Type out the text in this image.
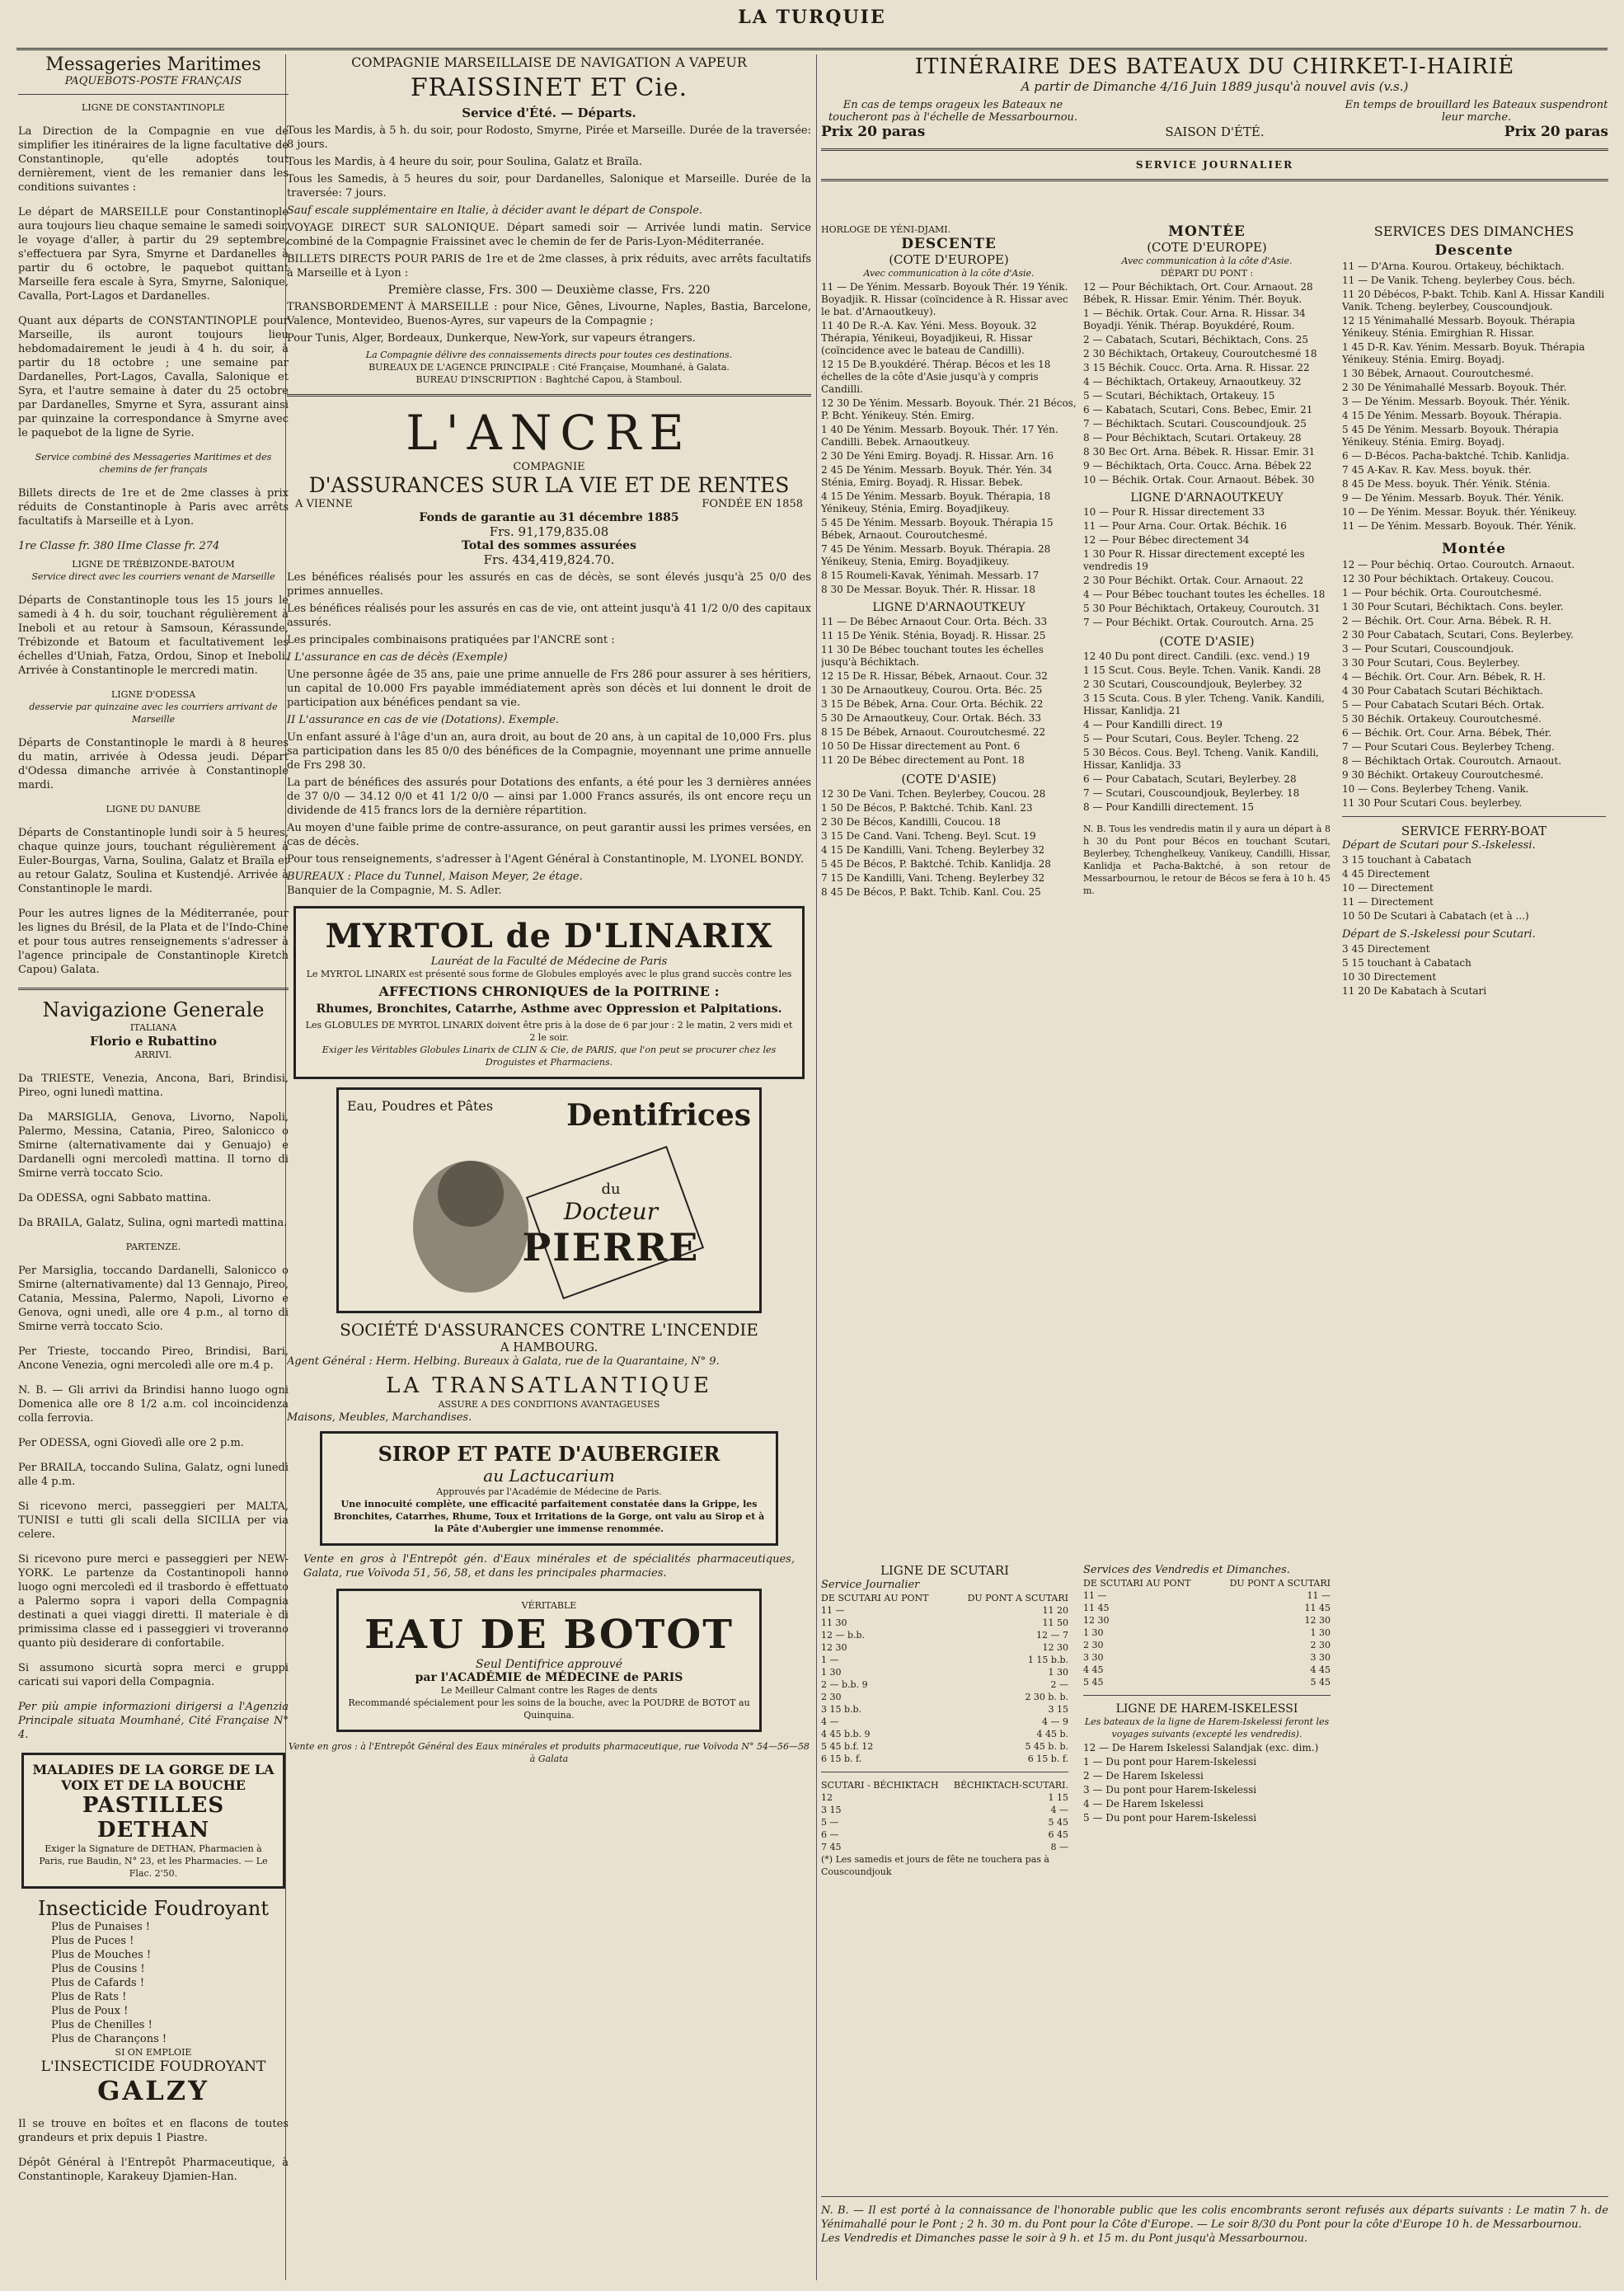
LA TURQUIE
Messageries Maritimes
PAQUEBOTS-POSTE FRANÇAIS
LIGNE DE CONSTANTINOPLE

La Direction de la Compagnie en vue de simplifier les itinéraires de la ligne facultative de Constantinople, qu'elle adoptés tout dernièrement, vient de les remanier dans les conditions suivantes :

Le départ de MARSEILLE pour Constantinople aura toujours lieu chaque semaine le samedi soir, le voyage d'aller, à partir du 29 septembre, s'effectuera par Syra, Smyrne et Dardanelles à partir du 6 octobre, le paquebot quittant Marseille fera escale à Syra, Smyrne, Salonique, Cavalla, Port-Lagos et Dardanelles.

Quant aux départs de CONSTANTINOPLE pour Marseille, ils auront toujours lieu hebdomadairement le jeudi à 4 h. du soir, à partir du 18 octobre ; une semaine par Dardanelles, Port-Lagos, Cavalla, Salonique et Syra, et l'autre semaine à dater du 25 octobre par Dardanelles, Smyrne et Syra, assurant ainsi par quinzaine la correspondance à Smyrne avec le paquebot de la ligne de Syrie.

Service combiné des Messageries Maritimes et des chemins de fer français

Billets directs de 1re et de 2me classes à prix réduits de Constantinople à Paris avec arrêts facultatifs à Marseille et à Lyon.

1re Classe fr. 380 IIme Classe fr. 274
LIGNE DE TRÉBIZONDE-BATOUM
Service direct avec les courriers venant de Marseille

Départs de Constantinople tous les 15 jours le samedi à 4 h. du soir, touchant régulièrement à Ineboli et au retour à Samsoun, Kérassunde, Trébizonde et Batoum et facultativement les échelles d'Uniah, Fatza, Ordou, Sinop et Ineboli. Arrivée à Constantinople le mercredi matin.

LIGNE D'ODESSA
desservie par quinzaine avec les courriers arrivant de Marseille

Départs de Constantinople le mardi à 8 heures du matin, arrivée à Odessa jeudi. Départ d'Odessa dimanche arrivée à Constantinople mardi.

LIGNE DU DANUBE

Départs de Constantinople lundi soir à 5 heures, chaque quinze jours, touchant régulièrement à Euler-Bourgas, Varna, Soulina, Galatz et Braïla et au retour Galatz, Soulina et Kustendjé. Arrivée à Constantinople le mardi.

Pour les autres lignes de la Méditerranée, pour les lignes du Brésil, de la Plata et de l'Indo-Chine et pour tous autres renseignements s'adresser à l'agence principale de Constantinople Kiretch Capou) Galata.

Navigazione Generale
ITALIANA
Florio e Rubattino
ARRIVI.

Da TRIESTE, Venezia, Ancona, Bari, Brindisi, Pireo, ogni lunedì mattina.

Da MARSIGLIA, Genova, Livorno, Napoli, Palermo, Messina, Catania, Pireo, Salonicco o Smirne (alternativamente dai y Genuajo) e Dardanelli ogni mercoledì mattina. Il torno di Smirne verrà toccato Scio.

Da ODESSA, ogni Sabbato mattina.

Da BRAILA, Galatz, Sulina, ogni martedì mattina.

PARTENZE.

Per Marsiglia, toccando Dardanelli, Salonicco o Smirne (alternativamente) dal 13 Gennajo, Pireo, Catania, Messina, Palermo, Napoli, Livorno e Genova, ogni unedì, alle ore 4 p.m., al torno di Smirne verrà toccato Scio.

Per Trieste, toccando Pireo, Brindisi, Bari, Ancone Venezia, ogni mercoledì alle ore m.4 p.

N. B. — Gli arrivi da Brindisi hanno luogo ogni Domenica alle ore 8 1/2 a.m. col incoincidenza colla ferrovia.

Per ODESSA, ogni Giovedì alle ore 2 p.m.

Per BRAILA, toccando Sulina, Galatz, ogni lunedì alle 4 p.m.

Si ricevono merci, passeggieri per MALTA, TUNISI e tutti gli scali della SICILIA per via celere.

Si ricevono pure merci e passeggieri per NEW-YORK. Le partenze da Costantinopoli hanno luogo ogni mercoledì ed il trasbordo è effettuato a Palermo sopra i vapori della Compagnia destinati a quei viaggi diretti. Il materiale è di primissima classe ed i passeggieri vi troveranno quanto più desiderare di confortabile.

Si assumono sicurtà sopra merci e gruppi caricati sui vapori della Compagnia.

Per più ampie informazioni dirigersi a l'Agenzia Principale situata Moumhané, Cité Française N° 4.

MALADIES DE LA GORGE DE LA VOIX ET DE LA BOUCHE
PASTILLES DETHAN
Exiger la Signature de DETHAN, Pharmacien à Paris, rue Baudin, N° 23, et les Pharmacies. — Le Flac. 2'50.
Insecticide Foudroyant
Plus de Punaises !
Plus de Puces !
Plus de Mouches !
Plus de Cousins !
Plus de Cafards !
Plus de Rats !
Plus de Poux !
Plus de Chenilles !
Plus de Charançons !
SI ON EMPLOIE
L'INSECTICIDE FOUDROYANT
GALZY

Il se trouve en boîtes et en flacons de toutes grandeurs et prix depuis 1 Piastre.

Dépôt Général à l'Entrepôt Pharmaceutique, à Constantinople, Karakeuy Djamien-Han.

COMPAGNIE MARSEILLAISE DE NAVIGATION A VAPEUR
FRAISSINET ET Cie.
Service d'Été. — Départs.

Tous les Mardis, à 5 h. du soir, pour Rodosto, Smyrne, Pirée et Marseille. Durée de la traversée: 8 jours.

Tous les Mardis, à 4 heure du soir, pour Soulina, Galatz et Braïla.

Tous les Samedis, à 5 heures du soir, pour Dardanelles, Salonique et Marseille. Durée de la traversée: 7 jours.

Sauf escale supplémentaire en Italie, à décider avant le départ de Conspole.

VOYAGE DIRECT SUR SALONIQUE. Départ samedi soir — Arrivée lundi matin. Service combiné de la Compagnie Fraissinet avec le chemin de fer de Paris-Lyon-Méditerranée.

BILLETS DIRECTS POUR PARIS de 1re et de 2me classes, à prix réduits, avec arrêts facultatifs à Marseille et à Lyon :

Première classe, Frs. 300 — Deuxième classe, Frs. 220

TRANSBORDEMENT À MARSEILLE : pour Nice, Gênes, Livourne, Naples, Bastia, Barcelone, Valence, Montevideo, Buenos-Ayres, sur vapeurs de la Compagnie ;

Pour Tunis, Alger, Bordeaux, Dunkerque, New-York, sur vapeurs étrangers.

La Compagnie délivre des connaissements directs pour toutes ces destinations.
BUREAUX DE L'AGENCE PRINCIPALE : Cité Française, Moumhané, à Galata.
BUREAU D'INSCRIPTION : Baghtché Capou, à Stamboul.
L'ANCRE
COMPAGNIE
D'ASSURANCES SUR LA VIE ET DE RENTES
A VIENNE	FONDÉE EN 1858
Fonds de garantie au 31 décembre 1885
Frs. 91,179,835.08
Total des sommes assurées
Frs. 434,419,824.70.

Les bénéfices réalisés pour les assurés en cas de décès, se sont élevés jusqu'à 25 0/0 des primes annuelles.

Les bénéfices réalisés pour les assurés en cas de vie, ont atteint jusqu'à 41 1/2 0/0 des capitaux assurés.

Les principales combinaisons pratiquées par l'ANCRE sont :

I L'assurance en cas de décès (Exemple)

Une personne âgée de 35 ans, paie une prime annuelle de Frs 286 pour assurer à ses héritiers, un capital de 10.000 Frs payable immédiatement après son décès et lui donnent le droit de participation aux bénéfices pendant sa vie.

II L'assurance en cas de vie (Dotations). Exemple.

Un enfant assuré à l'âge d'un an, aura droit, au bout de 20 ans, à un capital de 10,000 Frs. plus sa participation dans les 85 0/0 des bénéfices de la Compagnie, moyennant une prime annuelle de Frs 298 30.

La part de bénéfices des assurés pour Dotations des enfants, a été pour les 3 dernières années de 37 0/0 — 34.12 0/0 et 41 1/2 0/0 — ainsi par 1.000 Francs assurés, ils ont encore reçu un dividende de 415 francs lors de la dernière répartition.

Au moyen d'une faible prime de contre-assurance, on peut garantir aussi les primes versées, en cas de décès.

Pour tous renseignements, s'adresser à l'Agent Général à Constantinople, M. LYONEL BONDY.

BUREAUX : Place du Tunnel, Maison Meyer, 2e étage.
Banquier de la Compagnie, M. S. Adler.
MYRTOL de D'LINARIX
Lauréat de la Faculté de Médecine de Paris
Le MYRTOL LINARIX est présenté sous forme de Globules employés avec le plus grand succès contre les
AFFECTIONS CHRONIQUES de la POITRINE :
Rhumes, Bronchites, Catarrhe, Asthme avec Oppression et Palpitations.
Les GLOBULES DE MYRTOL LINARIX doivent être pris à la dose de 6 par jour : 2 le matin, 2 vers midi et 2 le soir.
Exiger les Véritables Globules Linarix de CLIN & Cie, de PARIS, que l'on peut se procurer chez les Droguistes et Pharmaciens.
Eau, Poudres et Pâtes Dentifrices
du
Docteur
PIERRE
SOCIÉTÉ D'ASSURANCES CONTRE L'INCENDIE
A HAMBOURG.
Agent Général : Herm. Helbing. Bureaux à Galata, rue de la Quarantaine, N° 9.
LA TRANSATLANTIQUE
ASSURE A DES CONDITIONS AVANTAGEUSES
Maisons, Meubles, Marchandises.
SIROP ET PATE D'AUBERGIER
au Lactucarium
Approuvés par l'Académie de Médecine de Paris.
Une innocuité complète, une efficacité parfaitement constatée dans la Grippe, les Bronchites, Catarrhes, Rhume, Toux et Irritations de la Gorge, ont valu au Sirop et à la Pâte d'Aubergier une immense renommée.
Vente en gros à l'Entrepôt gén. d'Eaux minérales et de spécialités pharmaceutiques, Galata, rue Voïvoda 51, 56, 58, et dans les principales pharmacies.
VÉRITABLE
EAU DE BOTOT
Seul Dentifrice approuvé
par l'ACADÉMIE de MÉDECINE de PARIS
Le Meilleur Calmant contre les Rages de dents
Recommandé spécialement pour les soins de la bouche, avec la POUDRE de BOTOT au Quinquina.
Vente en gros : à l'Entrepôt Général des Eaux minérales et produits pharmaceutique, rue Voïvoda N° 54—56—58 à Galata
ITINÉRAIRE DES BATEAUX DU CHIRKET-I-HAIRIÉ
A partir de Dimanche 4/16 Juin 1889 jusqu'à nouvel avis (v.s.)
En cas de temps orageux les Bateaux ne toucheront pas à l'échelle de Messarbournou.
En temps de brouillard les Bateaux suspendront leur marche.
Prix 20 paras	SAISON D'ÉTÉ.	Prix 20 paras
SERVICE JOURNALIER
HORLOGE DE YÉNI-DJAMI.
DESCENTE
(COTE D'EUROPE)
Avec communication à la côte d'Asie.
11 — De Yénim. Messarb. Boyouk Thér. 19 Yénik. Boyadjik. R. Hissar (coïncidence à R. Hissar avec le bat. d'Arnaoutkeuy).
11 40 De R.-A. Kav. Yéni. Mess. Boyouk. 32 Thérapia, Yénikeui, Boyadjikeui, R. Hissar (coïncidence avec le bateau de Candilli).
12 15 De B.youkdéré. Thérap. Bécos et les 18 échelles de la côte d'Asie jusqu'à y compris Candilli.
12 30 De Yénim. Messarb. Boyouk. Thér. 21 Bécos, P. Bcht. Yénikeuy. Stén. Emirg.
1 40 De Yénim. Messarb. Boyouk. Thér. 17 Yén. Candilli. Bebek. Arnaoutkeuy.
2 30 De Yéni Emirg. Boyadj. R. Hissar. Arn. 16
2 45 De Yénim. Messarb. Boyuk. Thér. Yén. 34 Sténia, Emirg. Boyadj. R. Hissar. Bebek.
4 15 De Yénim. Messarb. Boyuk. Thérapia, 18 Yénikeuy, Sténia, Emirg. Boyadjikeuy.
5 45 De Yénim. Messarb. Boyouk. Thérapia 15 Bébek, Arnaout. Couroutchesmé.
7 45 De Yénim. Messarb. Boyuk. Thérapia. 28 Yénikeuy, Stenia, Emirg. Boyadjikeuy.
8 15 Roumeli-Kavak, Yénimah. Messarb. 17
8 30 De Messar. Boyuk. Thér. R. Hissar. 18
LIGNE D'ARNAOUTKEUY
11 — De Bébec Arnaout Cour. Orta. Béch. 33
11 15 De Yénik. Sténia, Boyadj. R. Hissar. 25
11 30 De Bébec touchant toutes les échelles jusqu'à Béchiktach.
12 15 De R. Hissar, Bébek, Arnaout. Cour. 32
1 30 De Arnaoutkeuy, Courou. Orta. Béc. 25
3 15 De Bébek, Arna. Cour. Orta. Béchik. 22
5 30 De Arnaoutkeuy, Cour. Ortak. Béch. 33
8 15 De Bébek, Arnaout. Couroutchesmé. 22
10 50 De Hissar directement au Pont. 6
11 20 De Bébec directement au Pont. 18
(COTE D'ASIE)
12 30 De Vani. Tchen. Beylerbey, Coucou. 28
1 50 De Bécos, P. Baktché. Tchib. Kanl. 23
2 30 De Bécos, Kandilli, Coucou. 18
3 15 De Cand. Vani. Tcheng. Beyl. Scut. 19
4 15 De Kandilli, Vani. Tcheng. Beylerbey 32
5 45 De Bécos, P. Baktché. Tchib. Kanlidja. 28
7 15 De Kandilli, Vani. Tcheng. Beylerbey 32
8 45 De Bécos, P. Bakt. Tchib. Kanl. Cou. 25
MONTÉE
(COTE D'EUROPE)
Avec communication à la côte d'Asie.
DÉPART DU PONT :
12 — Pour Béchiktach, Ort. Cour. Arnaout. 28 Bébek, R. Hissar. Emir. Yénim. Thér. Boyuk.
1 — Béchik. Ortak. Cour. Arna. R. Hissar. 34 Boyadji. Yénik. Thérap. Boyukdéré, Roum.
2 — Cabatach, Scutari, Béchiktach, Cons. 25
2 30 Béchiktach, Ortakeuy, Couroutchesmé 18
3 15 Béchik. Coucc. Orta. Arna. R. Hissar. 22
4 — Béchiktach, Ortakeuy, Arnaoutkeuy. 32
5 — Scutari, Béchiktach, Ortakeuy. 15
6 — Kabatach, Scutari, Cons. Bebec, Emir. 21
7 — Béchiktach. Scutari. Couscoundjouk. 25
8 — Pour Béchiktach, Scutari. Ortakeuy. 28
8 30 Bec Ort. Arna. Bébek. R. Hissar. Emir. 31
9 — Béchiktach, Orta. Coucc. Arna. Bébek 22
10 — Béchik. Ortak. Cour. Arnaout. Bébek. 30
LIGNE D'ARNAOUTKEUY
10 — Pour R. Hissar directement 33
11 — Pour Arna. Cour. Ortak. Béchik. 16
12 — Pour Bébec directement 34
1 30 Pour R. Hissar directement excepté les vendredis 19
2 30 Pour Béchikt. Ortak. Cour. Arnaout. 22
4 — Pour Bébec touchant toutes les échelles. 18
5 30 Pour Béchiktach, Ortakeuy, Couroutch. 31
7 — Pour Béchikt. Ortak. Couroutch. Arna. 25
(COTE D'ASIE)
12 40 Du pont direct. Candili. (exc. vend.) 19
1 15 Scut. Cous. Beyle. Tchen. Vanik. Kandi. 28
2 30 Scutari, Couscoundjouk, Beylerbey. 32
3 15 Scuta. Cous. B yler. Tcheng. Vanik. Kandili, Hissar, Kanlidja. 21
4 — Pour Kandilli direct. 19
5 — Pour Scutari, Cous. Beyler. Tcheng. 22
5 30 Bécos. Cous. Beyl. Tcheng. Vanik. Kandili, Hissar, Kanlidja. 33
6 — Pour Cabatach, Scutari, Beylerbey. 28
7 — Scutari, Couscoundjouk, Beylerbey. 18
8 — Pour Kandilli directement. 15

N. B. Tous les vendredis matin il y aura un départ à 8 h 30 du Pont pour Bécos en touchant Scutari, Beylerbey, Tchenghelkeuy, Vanikeuy, Candilli, Hissar, Kanlidja et Pacha-Baktché, à son retour de Messarbournou, le retour de Bécos se fera à 10 h. 45 m.

SERVICES DES DIMANCHES
Descente
11 — D'Arna. Kourou. Ortakeuy, béchiktach.
11 — De Vanik. Tcheng. beylerbey Cous. béch.
11 20 Débécos, P-bakt. Tchib. Kanl A. Hissar Kandili Vanik. Tcheng. beylerbey, Couscoundjouk.
12 15 Yénimahallé Messarb. Boyouk. Thérapia Yénikeuy. Sténia. Emirghian R. Hissar.
1 45 D-R. Kav. Yénim. Messarb. Boyuk. Thérapia Yénikeuy. Sténia. Emirg. Boyadj.
1 30 Bébek, Arnaout. Couroutchesmé.
2 30 De Yénimahallé Messarb. Boyouk. Thér.
3 — De Yénim. Messarb. Boyouk. Thér. Yénik.
4 15 De Yénim. Messarb. Boyouk. Thérapia.
5 45 De Yénim. Messarb. Boyouk. Thérapia Yénikeuy. Sténia. Emirg. Boyadj.
6 — D-Bécos. Pacha-baktché. Tchib. Kanlidja.
7 45 A-Kav. R. Kav. Mess. boyuk. thér.
8 45 De Mess. boyuk. Thér. Yénik. Sténia.
9 — De Yénim. Messarb. Boyuk. Thér. Yénik.
10 — De Yénim. Messar. Boyuk. thér. Yénikeuy.
11 — De Yénim. Messarb. Boyouk. Thér. Yénik.
Montée
12 — Pour béchiq. Ortao. Couroutch. Arnaout.
12 30 Pour béchiktach. Ortakeuy. Coucou.
1 — Pour béchik. Orta. Couroutchesmé.
1 30 Pour Scutari, Béchiktach. Cons. beyler.
2 — Béchik. Ort. Cour. Arna. Bébek. R. H.
2 30 Pour Cabatach, Scutari, Cons. Beylerbey.
3 — Pour Scutari, Couscoundjouk.
3 30 Pour Scutari, Cous. Beylerbey.
4 — Béchik. Ort. Cour. Arn. Bébek, R. H.
4 30 Pour Cabatach Scutari Béchiktach.
5 — Pour Cabatach Scutari Béch. Ortak.
5 30 Béchik. Ortakeuy. Couroutchesmé.
6 — Béchik. Ort. Cour. Arna. Bébek, Thér.
7 — Pour Scutari Cous. Beylerbey Tcheng.
8 — Béchiktach Ortak. Couroutch. Arnaout.
9 30 Béchikt. Ortakeuy Couroutchesmé.
10 — Cons. Beylerbey Tcheng. Vanik.
11 30 Pour Scutari Cous. beylerbey.
SERVICE FERRY-BOAT
Départ de Scutari pour S.-Iskelessi.
3 15 touchant à Cabatach
4 45 Directement
10 — Directement
11 — Directement
10 50 De Scutari à Cabatach (et à ...)
Départ de S.-Iskelessi pour Scutari.
3 45 Directement
5 15 touchant à Cabatach
10 30 Directement
11 20 De Kabatach à Scutari
LIGNE DE SCUTARI
Service Journalier
DE SCUTARI AU PONT	DU PONT A SCUTARI
11 —	11 20
11 30	11 50
12 — b.b.	12 — 7
12 30	12 30
1 —	1 15 b.b.
1 30	1 30
2 — b.b. 9	2 —
2 30	2 30 b. b.
3 15 b.b.	3 15
4 —	4 — 9
4 45 b.b. 9	4 45 b.
5 45 b.f. 12	5 45 b. b.
6 15 b. f.	6 15 b. f.
SCUTARI - BÉCHIKTACH BÉCHIKTACH-SCUTARI.
12	1 15
3 15	4 —
5 —	5 45
6 —	6 45
7 45	8 —
(*) Les samedis et jours de fête ne touchera pas à Couscoundjouk
Services des Vendredis et Dimanches.
DE SCUTARI AU PONT	DU PONT A SCUTARI
11 —	11 —
11 45	11 45
12 30	12 30
1 30	1 30
2 30	2 30
3 30	3 30
4 45	4 45
5 45	5 45
LIGNE DE HAREM-ISKELESSI
Les bateaux de la ligne de Harem-Iskelessi feront les voyages suivants (excepté les vendredis).
12 — De Harem Iskelessi Salandjak (exc. dim.)
1 — Du pont pour Harem-Iskelessi
2 — De Harem Iskelessi
3 — Du pont pour Harem-Iskelessi
4 — De Harem Iskelessi
5 — Du pont pour Harem-Iskelessi
N. B. — Il est porté à la connaissance de l'honorable public que les colis encombrants seront refusés aux départs suivants : Le matin 7 h. de Yénimahallé pour le Pont ; 2 h. 30 m. du Pont pour la Côte d'Europe. — Le soir 8/30 du Pont pour la côte d'Europe 10 h. de Messarbournou.
Les Vendredis et Dimanches passe le soir à 9 h. et 15 m. du Pont jusqu'à Messarbournou.
